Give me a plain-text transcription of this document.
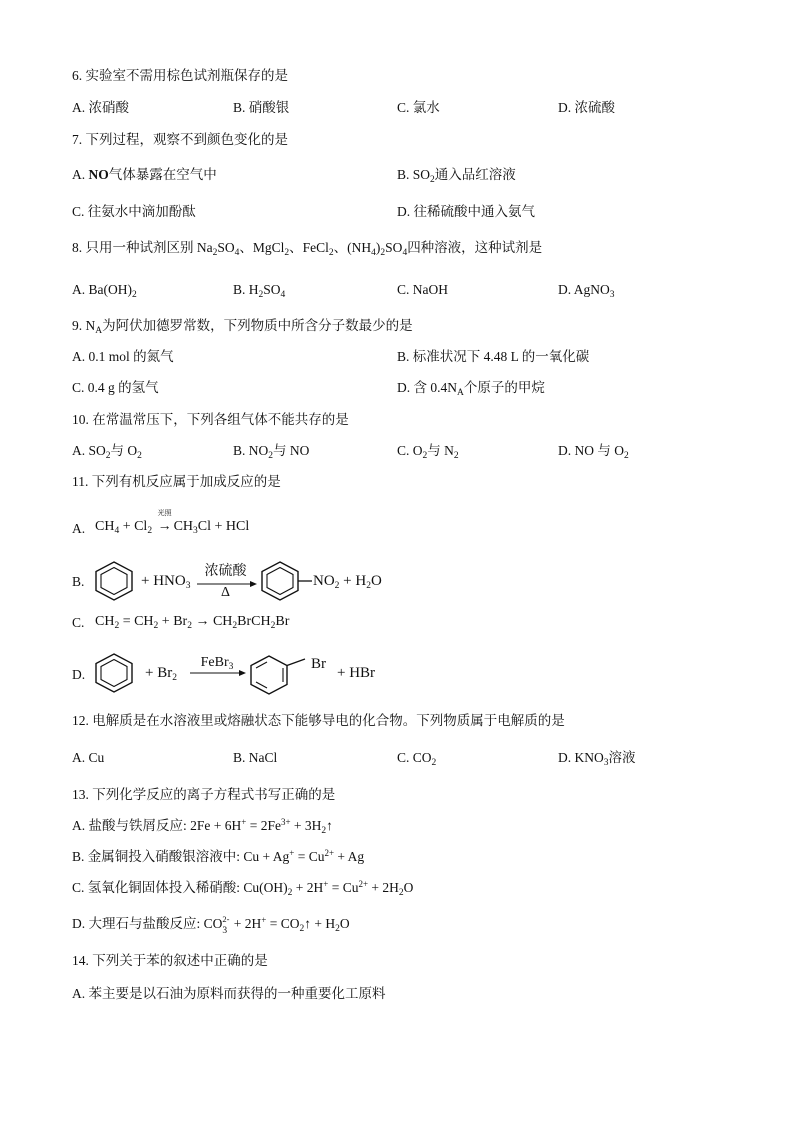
6. 实验室不需用棕色试剂瓶保存的是
A. 浓硝酸	B. 硝酸银	C. 氯水	D. 浓硫酸
7. 下列过程，观察不到颜色变化的是
A. NO气体暴露在空气中	B. $SO_2$通入品红溶液
C. 往氨水中滴加酚酞	D. 往稀硫酸中通入氨气
8. 只用一种试剂区别 $Na_2SO_4$、MgCl$_2$、FeCl$_2$、$(NH_4)_2SO_4$四种溶液，这种试剂是
A. $Ba(OH)_2$	B. $H_2SO_4$	C. NaOH	D. AgNO$_3$
9. $N_A$为阿伏加德罗常数，下列物质中所含分子数最少的是
A. 0.1 mol 的氮气	B. 标准状况下 4.48 L 的一氧化碳
C. 0.4 g 的氢气	D. 含 $0.4N_A$个原子的甲烷
10. 在常温常压下，下列各组气体不能共存的是
A. $SO_2$与 $O_2$	B. $NO_2$与 NO	C. $O_2$与 $N_2$	D. NO 与 $O_2$
11. 下列有机反应属于加成反应的是
A. $CH_4 + Cl_2$
光照
→ $CH_3Cl$ + HCl
B.	+ $HNO_3$
浓硫酸
Δ
$NO_2 + H_2O$
C. $CH_2 = CH_2 + Br_2$ → $CH_2BrCH_2Br$
D.	+ $Br_2$
FeBr$_3$	Br
+ HBr
12. 电解质是在水溶液里或熔融状态下能够导电的化合物。下列物质属于电解质的是
A. Cu	B. NaCl	C. $CO_2$	D. $KNO_3$溶液
13. 下列化学反应的离子方程式书写正确的是
A. 盐酸与铁屑反应: $2Fe + 6H^+ = 2Fe^{3+}$ + $3H_2↑$
B. 金属铜投入硝酸银溶液中: $Cu + Ag^+ = Cu^{2+} + Ag$
C. 氢氧化铜固体投入稀硝酸: $Cu(OH)_2 + 2H^+ = Cu^{2+} + 2H_2O$
D. 大理石与盐酸反应: CO 2-
$3 + 2H^+ = CO_2↑ + H_2O$
14. 下列关于苯的叙述中正确的是
A. 苯主要是以石油为原料而获得的一种重要化工原料
